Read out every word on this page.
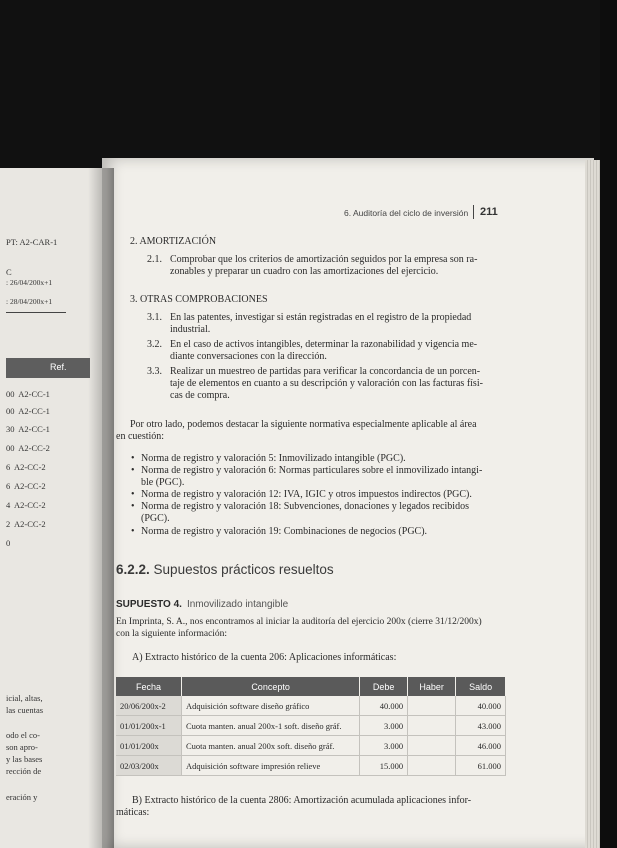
PT: A2-CAR-1
C
: 26/04/200x+1
: 28/04/200x+1
Ref.
00 A2-CC-1
00 A2-CC-1
30 A2-CC-1
00 A2-CC-2
6 A2-CC-2
6 A2-CC-2
4 A2-CC-2
2 A2-CC-2
0
icial, altas,
las cuentas
odo el co-
son apro-
y las bases
rección de
eración y
6. Auditoría del ciclo de inversión 211
2. AMORTIZACIÓN
2.1. Comprobar que los criterios de amortización seguidos por la empresa son ra-
zonables y preparar un cuadro con las amortizaciones del ejercicio.
3. OTRAS COMPROBACIONES
3.1. En las patentes, investigar si están registradas en el registro de la propiedad
industrial.
3.2. En el caso de activos intangibles, determinar la razonabilidad y vigencia me-
diante conversaciones con la dirección.
3.3. Realizar un muestreo de partidas para verificar la concordancia de un porcen-
taje de elementos en cuanto a su descripción y valoración con las facturas físi-
cas de compra.
Por otro lado, podemos destacar la siguiente normativa especialmente aplicable al área
en cuestión:
• Norma de registro y valoración 5: Inmovilizado intangible (PGC).
• Norma de registro y valoración 6: Normas particulares sobre el inmovilizado intangi-
ble (PGC).
• Norma de registro y valoración 12: IVA, IGIC y otros impuestos indirectos (PGC).
• Norma de registro y valoración 18: Subvenciones, donaciones y legados recibidos
(PGC).
• Norma de registro y valoración 19: Combinaciones de negocios (PGC).
6.2.2. Supuestos prácticos resueltos
SUPUESTO 4. Inmovilizado intangible
En Imprinta, S. A., nos encontramos al iniciar la auditoría del ejercicio 200x (cierre 31/12/200x)
con la siguiente información:
A) Extracto histórico de la cuenta 206: Aplicaciones informáticas:
Fecha	Concepto	Debe	Haber	Saldo
20/06/200x-2	Adquisición software diseño gráfico	40.000		40.000
01/01/200x-1	Cuota manten. anual 200x-1 soft. diseño gráf.	3.000		43.000
01/01/200x	Cuota manten. anual 200x soft. diseño gráf.	3.000		46.000
02/03/200x	Adquisición software impresión relieve	15.000		61.000
B) Extracto histórico de la cuenta 2806: Amortización acumulada aplicaciones infor-
máticas:
